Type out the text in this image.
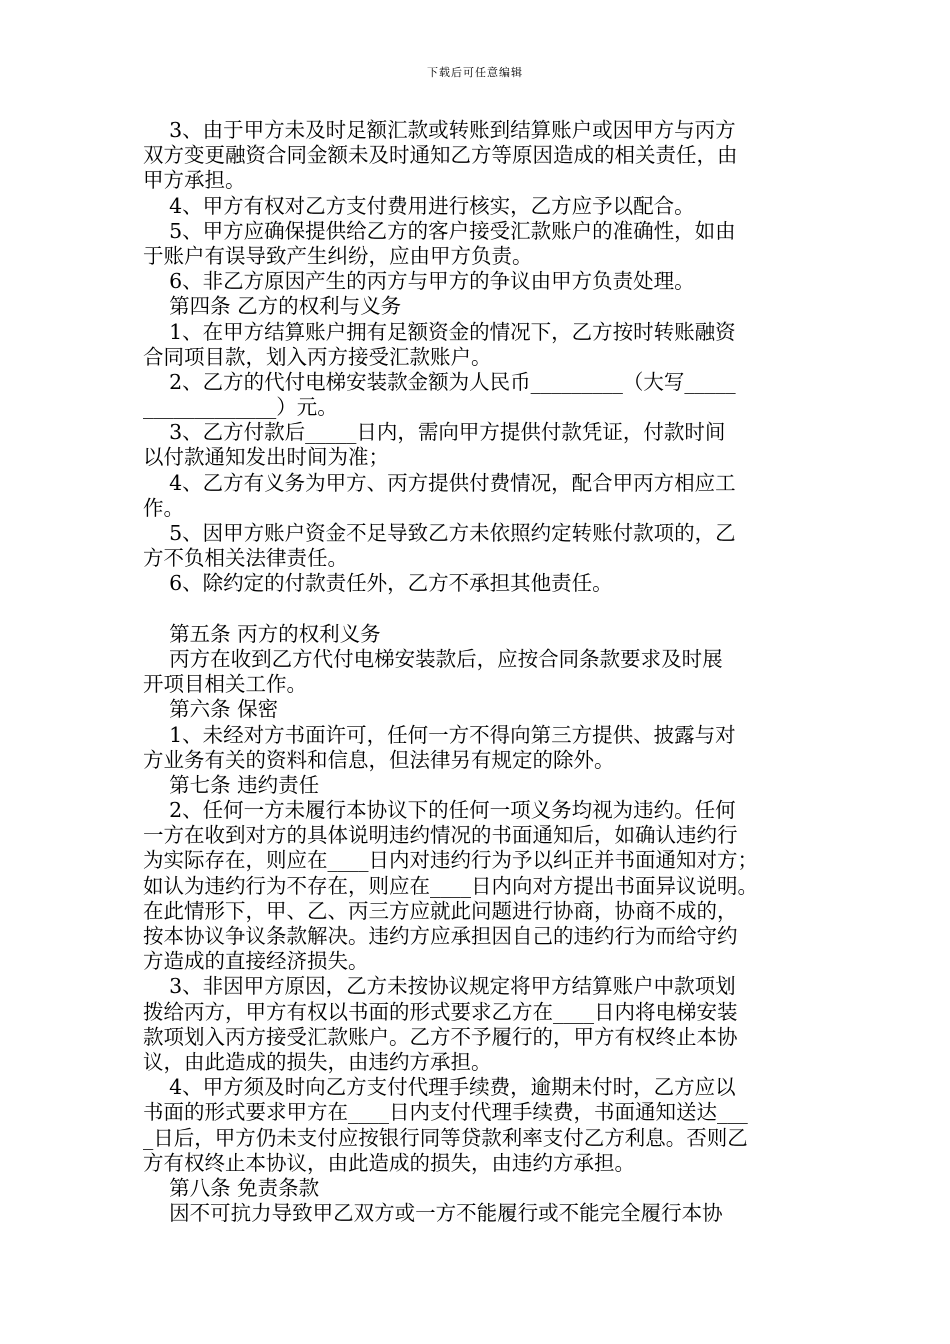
下载后可任意编辑
3、由于甲方未及时足额汇款或转账到结算账户或因甲方与丙方
双方变更融资合同金额未及时通知乙方等原因造成的相关责任，由
甲方承担。
4、甲方有权对乙方支付费用进行核实，乙方应予以配合。
5、甲方应确保提供给乙方的客户接受汇款账户的准确性，如由
于账户有误导致产生纠纷，应由甲方负责。
6、非乙方原因产生的丙方与甲方的争议由甲方负责处理。
第四条 乙方的权利与义务
1、在甲方结算账户拥有足额资金的情况下，乙方按时转账融资
合同项目款，划入丙方接受汇款账户。
2、乙方的代付电梯安装款金额为人民币_________（大写_____
_____________）元。
3、乙方付款后_____日内，需向甲方提供付款凭证，付款时间
以付款通知发出时间为准；
4、乙方有义务为甲方、丙方提供付费情况，配合甲丙方相应工
作。
5、因甲方账户资金不足导致乙方未依照约定转账付款项的，乙
方不负相关法律责任。
6、除约定的付款责任外，乙方不承担其他责任。
第五条 丙方的权利义务
丙方在收到乙方代付电梯安装款后，应按合同条款要求及时展
开项目相关工作。
第六条 保密
1、未经对方书面许可，任何一方不得向第三方提供、披露与对
方业务有关的资料和信息，但法律另有规定的除外。
第七条 违约责任
2、任何一方未履行本协议下的任何一项义务均视为违约。任何
一方在收到对方的具体说明违约情况的书面通知后，如确认违约行
为实际存在，则应在____日内对违约行为予以纠正并书面通知对方；
如认为违约行为不存在，则应在____日内向对方提出书面异议说明。
在此情形下，甲、乙、丙三方应就此问题进行协商，协商不成的，
按本协议争议条款解决。违约方应承担因自己的违约行为而给守约
方造成的直接经济损失。
3、非因甲方原因，乙方未按协议规定将甲方结算账户中款项划
拨给丙方，甲方有权以书面的形式要求乙方在____日内将电梯安装
款项划入丙方接受汇款账户。乙方不予履行的，甲方有权终止本协
议，由此造成的损失，由违约方承担。
4、甲方须及时向乙方支付代理手续费，逾期未付时，乙方应以
书面的形式要求甲方在____日内支付代理手续费，书面通知送达___
_日后，甲方仍未支付应按银行同等贷款利率支付乙方利息。否则乙
方有权终止本协议，由此造成的损失，由违约方承担。
第八条 免责条款
因不可抗力导致甲乙双方或一方不能履行或不能完全履行本协
